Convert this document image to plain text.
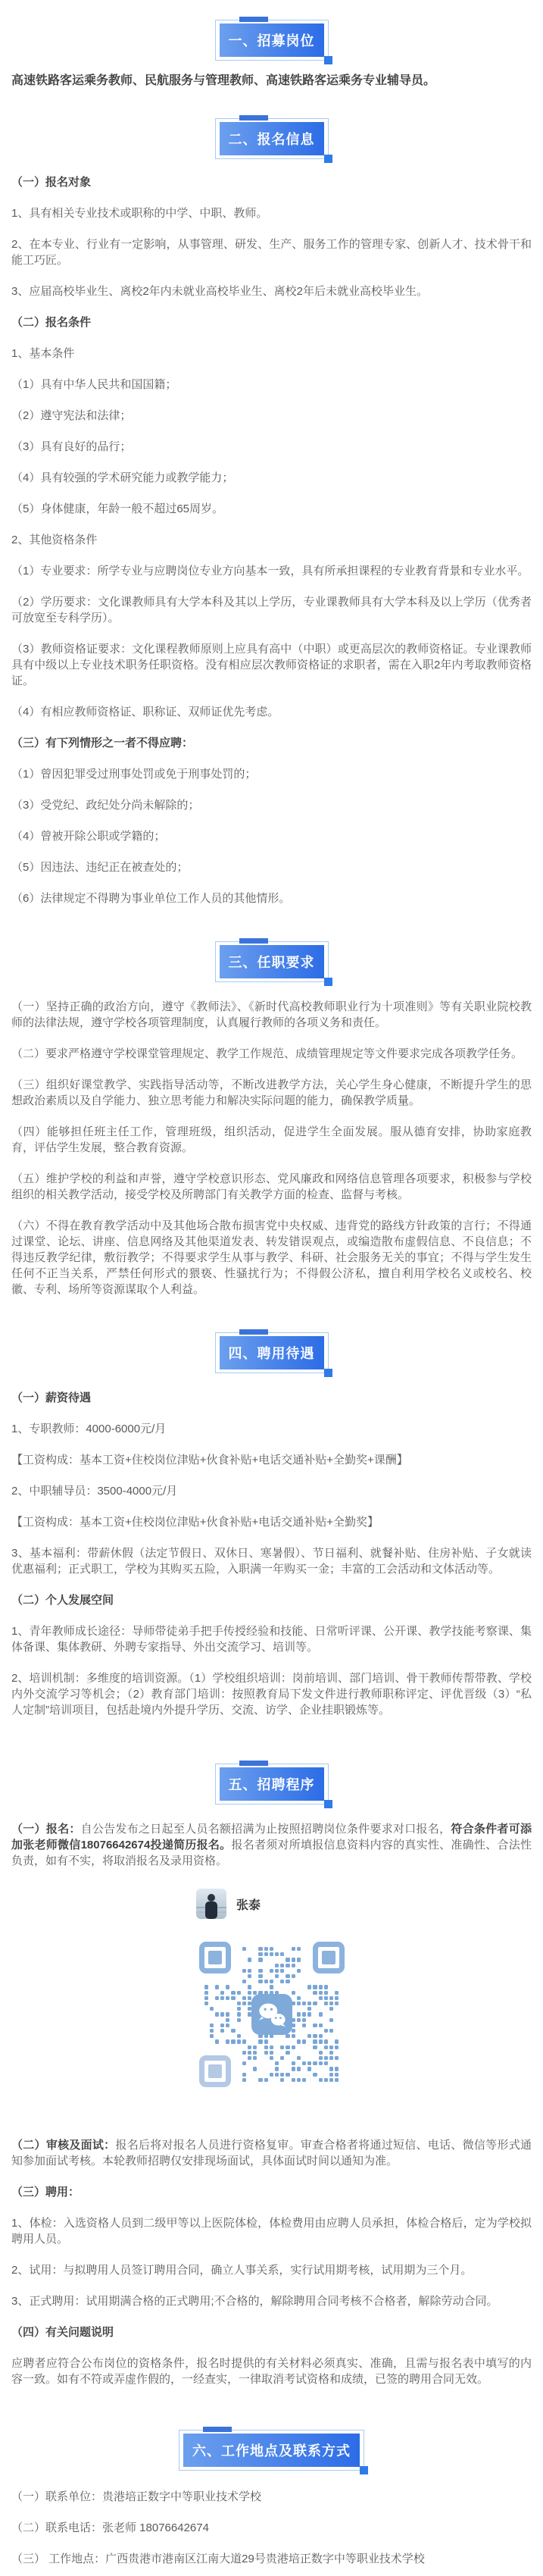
一、招募岗位

高速铁路客运乘务教师、民航服务与管理教师、高速铁路客运乘务专业辅导员。

二、报名信息

（一）报名对象

1、具有相关专业技术或职称的中学、中职、教师。

2、在本专业、行业有一定影响，从事管理、研发、生产、服务工作的管理专家、创新人才、技术骨干和能工巧匠。

3、应届高校毕业生、离校2年内未就业高校毕业生、离校2年后未就业高校毕业生。

（二）报名条件

1、基本条件

（1）具有中华人民共和国国籍；

（2）遵守宪法和法律；

（3）具有良好的品行；

（4）具有较强的学术研究能力或教学能力；

（5）身体健康，年龄一般不超过65周岁。

2、其他资格条件

（1）专业要求：所学专业与应聘岗位专业方向基本一致，具有所承担课程的专业教育背景和专业水平。

（2）学历要求：文化课教师具有大学本科及其以上学历，专业课教师具有大学本科及以上学历（优秀者可放宽至专科学历）。

（3）教师资格证要求：文化课程教师原则上应具有高中（中职）或更高层次的教师资格证。专业课教师具有中级以上专业技术职务任职资格。没有相应层次教师资格证的求职者，需在入职2年内考取教师资格证。

（4）有相应教师资格证、职称证、双师证优先考虑。

（三）有下列情形之一者不得应聘：

（1）曾因犯罪受过刑事处罚或免于刑事处罚的；

（3）受党纪、政纪处分尚未解除的；

（4）曾被开除公职或学籍的；

（5）因违法、违纪正在被查处的；

（6）法律规定不得聘为事业单位工作人员的其他情形。

三、任职要求

（一）坚持正确的政治方向，遵守《教师法》、《新时代高校教师职业行为十项准则》等有关职业院校教师的法律法规，遵守学校各项管理制度，认真履行教师的各项义务和责任。

（二）要求严格遵守学校课堂管理规定、教学工作规范、成绩管理规定等文件要求完成各项教学任务。

（三）组织好课堂教学、实践指导活动等，不断改进教学方法，关心学生身心健康，不断提升学生的思想政治素质以及自学能力、独立思考能力和解决实际问题的能力，确保教学质量。

（四）能够担任班主任工作，管理班级，组织活动，促进学生全面发展。服从德育安排，协助家庭教育，评估学生发展，整合教育资源。

（五）维护学校的利益和声誉，遵守学校意识形态、党风廉政和网络信息管理各项要求，积极参与学校组织的相关教学活动，接受学校及所聘部门有关教学方面的检查、监督与考核。

（六）不得在教育教学活动中及其他场合散布损害党中央权威、违背党的路线方针政策的言行；不得通过课堂、论坛、讲座、信息网络及其他渠道发表、转发错误观点，或编造散布虚假信息、不良信息；不得违反教学纪律，敷衍教学；不得要求学生从事与教学、科研、社会服务无关的事宜；不得与学生发生任何不正当关系，严禁任何形式的猥亵、性骚扰行为；不得假公济私，擅自利用学校名义或校名、校徽、专利、场所等资源谋取个人利益。

四、聘用待遇

（一）薪资待遇

1、专职教师：4000-6000元/月

【工资构成：基本工资+住校岗位津贴+伙食补贴+电话交通补贴+全勤奖+课酬】

2、中职辅导员：3500-4000元/月

【工资构成：基本工资+住校岗位津贴+伙食补贴+电话交通补贴+全勤奖】

3、基本福利：带薪休假（法定节假日、双休日、寒暑假）、节日福利、就餐补贴、住房补贴、子女就读优惠福利；正式职工，学校为其购买五险，入职满一年购买一金；丰富的工会活动和文体活动等。

（二）个人发展空间

1、青年教师成长途径：导师带徒弟手把手传授经验和技能、日常听评课、公开课、教学技能考察课、集体备课、集体教研、外聘专家指导、外出交流学习、培训等。

2、培训机制：多维度的培训资源。（1）学校组织培训：岗前培训、部门培训、骨干教师传帮带教、学校内外交流学习等机会；（2）教育部门培训：按照教育局下发文件进行教师职称评定、评优晋级（3）“私人定制”培训项目，包括赴境内外提升学历、交流、访学、企业挂职锻炼等。

五、招聘程序

（一）报名：自公告发布之日起至人员名额招满为止按照招聘岗位条件要求对口报名，符合条件者可添加张老师微信18076642674投递简历报名。报名者须对所填报信息资料内容的真实性、准确性、合法性负责，如有不实，将取消报名及录用资格。

张泰

（二）审核及面试：报名后将对报名人员进行资格复审。审查合格者将通过短信、电话、微信等形式通知参加面试考核。本轮教师招聘仅安排现场面试，具体面试时间以通知为准。

（三）聘用：

1、体检：入选资格人员到二级甲等以上医院体检，体检费用由应聘人员承担，体检合格后，定为学校拟聘用人员。

2、试用：与拟聘用人员签订聘用合同，确立人事关系，实行试用期考核，试用期为三个月。

3、正式聘用：试用期满合格的正式聘用;不合格的，解除聘用合同考核不合格者，解除劳动合同。

（四）有关问题说明

应聘者应符合公布岗位的资格条件，报名时提供的有关材料必须真实、准确，且需与报名表中填写的内容一致。如有不符或弄虚作假的，一经查实，一律取消考试资格和成绩，已签的聘用合同无效。

六、工作地点及联系方式

（一）联系单位：贵港培正数字中等职业技术学校

（二）联系电话：张老师 18076642674

（三） 工作地点：广西贵港市港南区江南大道29号贵港培正数字中等职业技术学校
